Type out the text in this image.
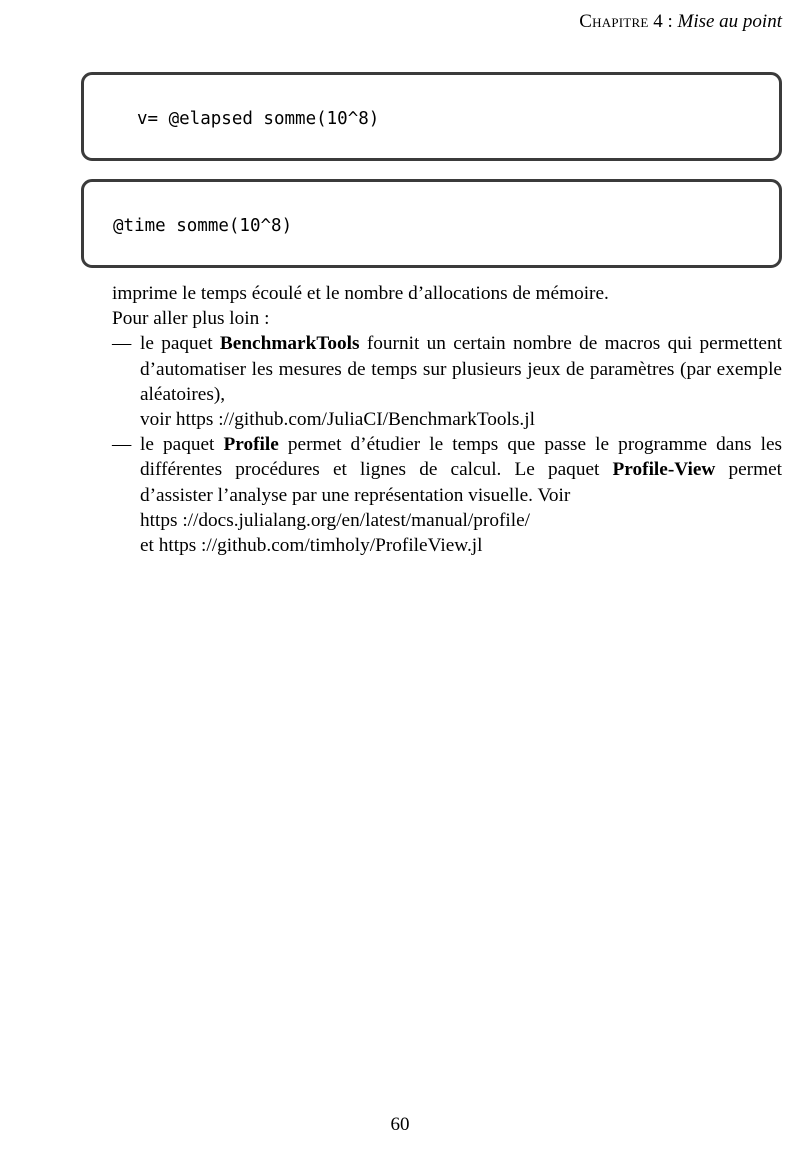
Chapitre 4 : Mise au point
v= @elapsed somme(10^8)
@time somme(10^8)

imprime le temps écoulé et le nombre d’allocations de mémoire.

Pour aller plus loin :

— le paquet BenchmarkTools fournit un certain nombre de macros qui permettent d’automatiser les mesures de temps sur plusieurs jeux de paramètres (par exemple aléatoires),
voir https ://github.com/JuliaCI/BenchmarkTools.jl
— le paquet Profile permet d’étudier le temps que passe le programme dans les différentes procédures et lignes de calcul. Le paquet Profile-View permet d’assister l’analyse par une représentation visuelle. Voir
https ://docs.julialang.org/en/latest/manual/profile/
et https ://github.com/timholy/ProfileView.jl
60
